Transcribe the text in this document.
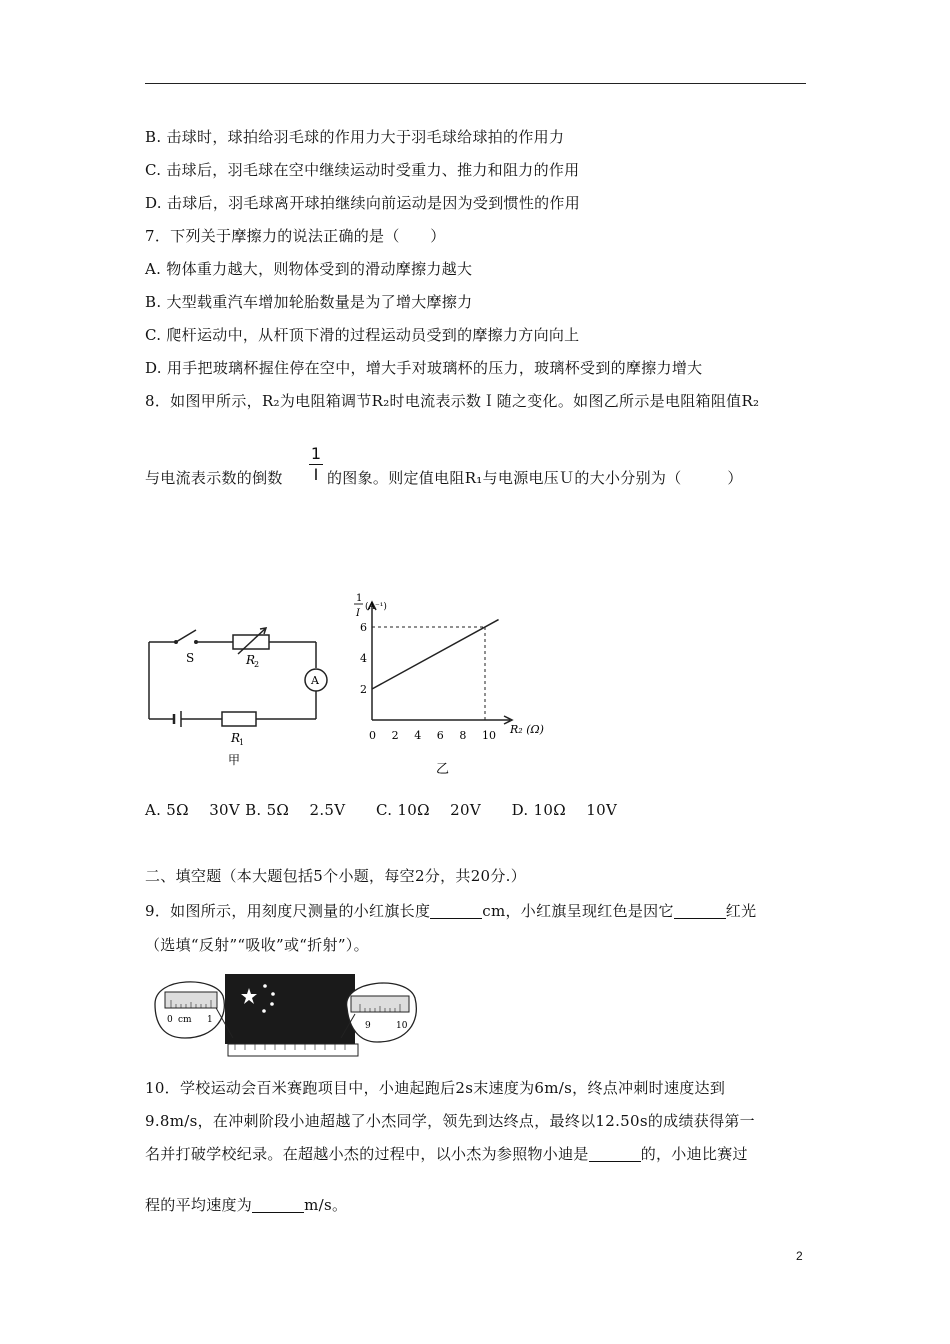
B. 击球时，球拍给羽毛球的作用力大于羽毛球给球拍的作用力
C. 击球后，羽毛球在空中继续运动时受重力、推力和阻力的作用
D. 击球后，羽毛球离开球拍继续向前运动是因为受到惯性的作用
7．下列关于摩擦力的说法正确的是（　　）
A. 物体重力越大，则物体受到的滑动摩擦力越大
B. 大型载重汽车增加轮胎数量是为了增大摩擦力
C. 爬杆运动中，从杆顶下滑的过程运动员受到的摩擦力方向向上
D. 用手把玻璃杯握住停在空中，增大手对玻璃杯的压力，玻璃杯受到的摩擦力增大
8．如图甲所示，R₂为电阻箱调节R₂时电流表示数Ｉ随之变化。如图乙所示是电阻箱阻值R₂
与电流表示数的倒数 $\frac{1}{I}$ 的图象。则定值电阻R₁与电源电压Ｕ的大小分别为（　　　）
S	R
2
A
R
1
甲
1
I
(A⁻¹)
R₂ (Ω)
0 2 4 6 8 10
2
4
6
乙
A. 5Ω　 30V B. 5Ω　 2.5V　　C. 10Ω　 20V　　D. 10Ω　 10V
二、填空题（本大题包括5个小题，每空2分，共20分.）
9．如图所示，用刻度尺测量的小红旗长度	cm，小红旗呈现红色是因它	红光
（选填“反射”“吸收”或“折射”）。
0 cm 1
9	10
10．学校运动会百米赛跑项目中，小迪起跑后2s末速度为6m/s，终点冲刺时速度达到
9.8m/s，在冲刺阶段小迪超越了小杰同学，领先到达终点，最终以12.50s的成绩获得第一
名并打破学校纪录。在超越小杰的过程中，以小杰为参照物小迪是	的，小迪比赛过
程的平均速度为	m/s。
2
